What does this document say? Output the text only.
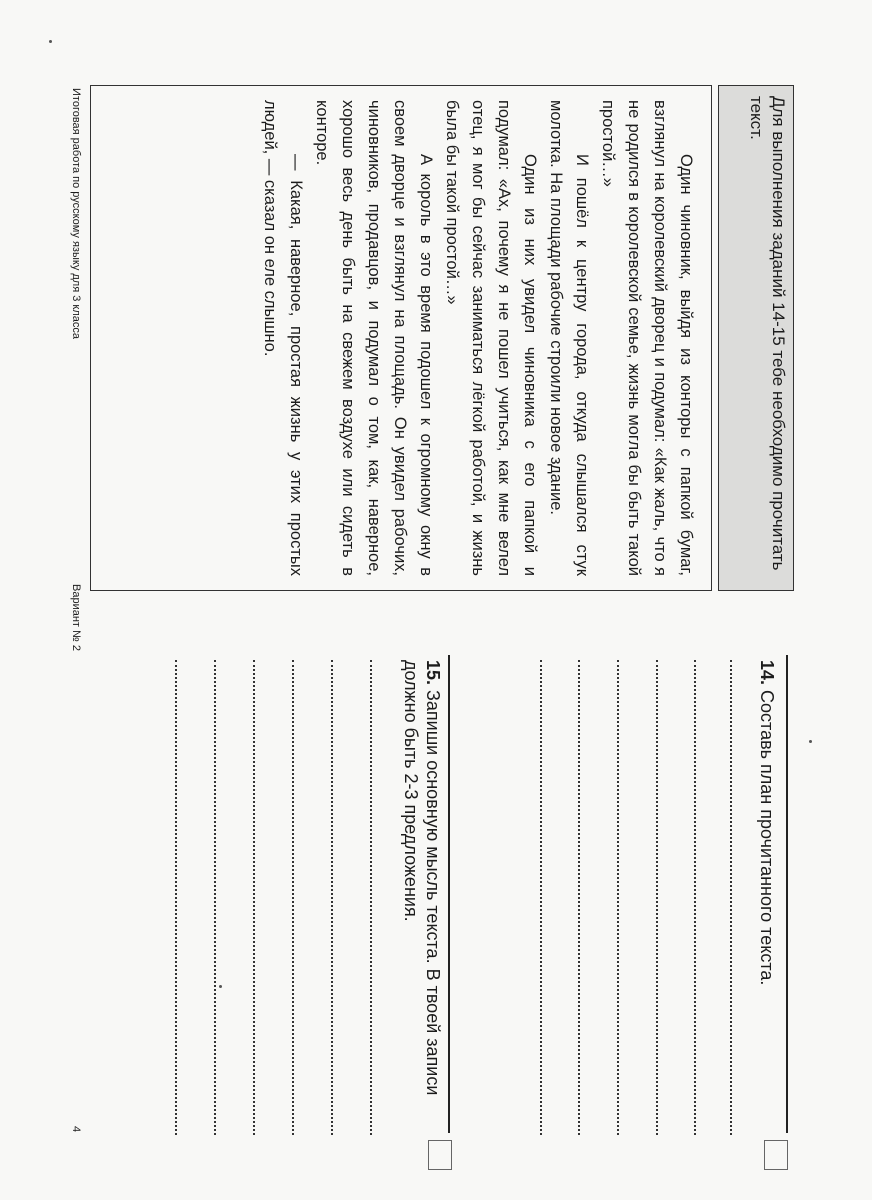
Для выполнения заданий 14-15 тебе необходимо прочитать текст.

Один чиновник, выйдя из конторы с папкой бумаг, взглянул на королевский дворец и подумал: «Как жаль, что я не родился в королевской семье, жизнь могла бы быть такой простой…»

И пошёл к центру города, откуда слышался стук молотка. На площади рабочие строили новое здание.

Один из них увидел чиновника с его папкой и подумал: «Ах, почему я не пошел учиться, как мне велел отец, я мог бы сейчас заниматься лёгкой работой, и жизнь была бы такой простой…»

А король в это время подошел к огромному окну в своем дворце и взглянул на площадь. Он увидел рабочих, чиновников, продавцов, и подумал о том, как, наверное, хорошо весь день быть на свежем воздухе или сидеть в конторе.

— Какая, наверное, простая жизнь у этих простых людей, — сказал он еле слышно.

Итоговая работа по русскому языку для 3 класса
Вариант № 2
4
14. Составь план прочитанного текста.
15. Запиши основную мысль текста. В твоей записи должно быть 2-3 предложения.
